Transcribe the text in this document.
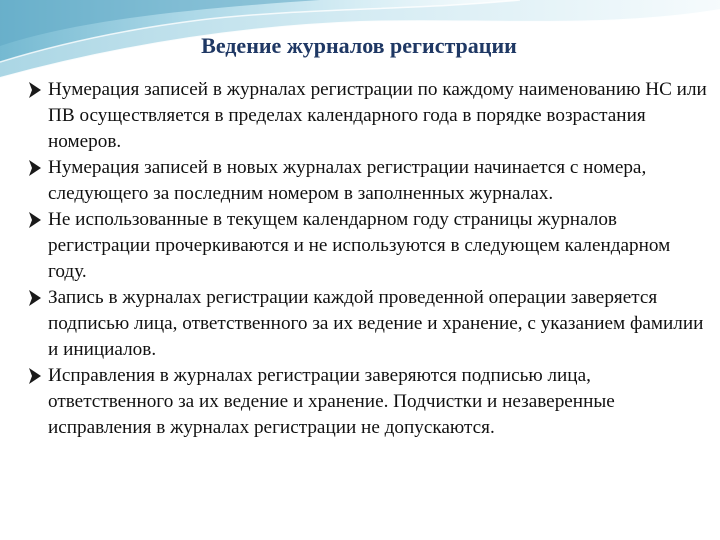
Ведение журналов регистрации
Нумерация записей в журналах регистрации по каждому наименованию НС или ПВ осуществляется в пределах календарного года в порядке возрастания номеров.
Нумерация записей в новых журналах регистрации начинается с номера, следующего за последним номером в заполненных журналах.
Не использованные в текущем календарном году страницы журналов регистрации прочеркиваются и не используются в следующем календарном году.
Запись в журналах регистрации каждой проведенной операции заверяется подписью лица, ответственного за их ведение и хранение, с указанием фамилии и инициалов.
Исправления в журналах регистрации заверяются подписью лица, ответственного за их ведение и хранение. Подчистки и незаверенные исправления в журналах регистрации не допускаются.
